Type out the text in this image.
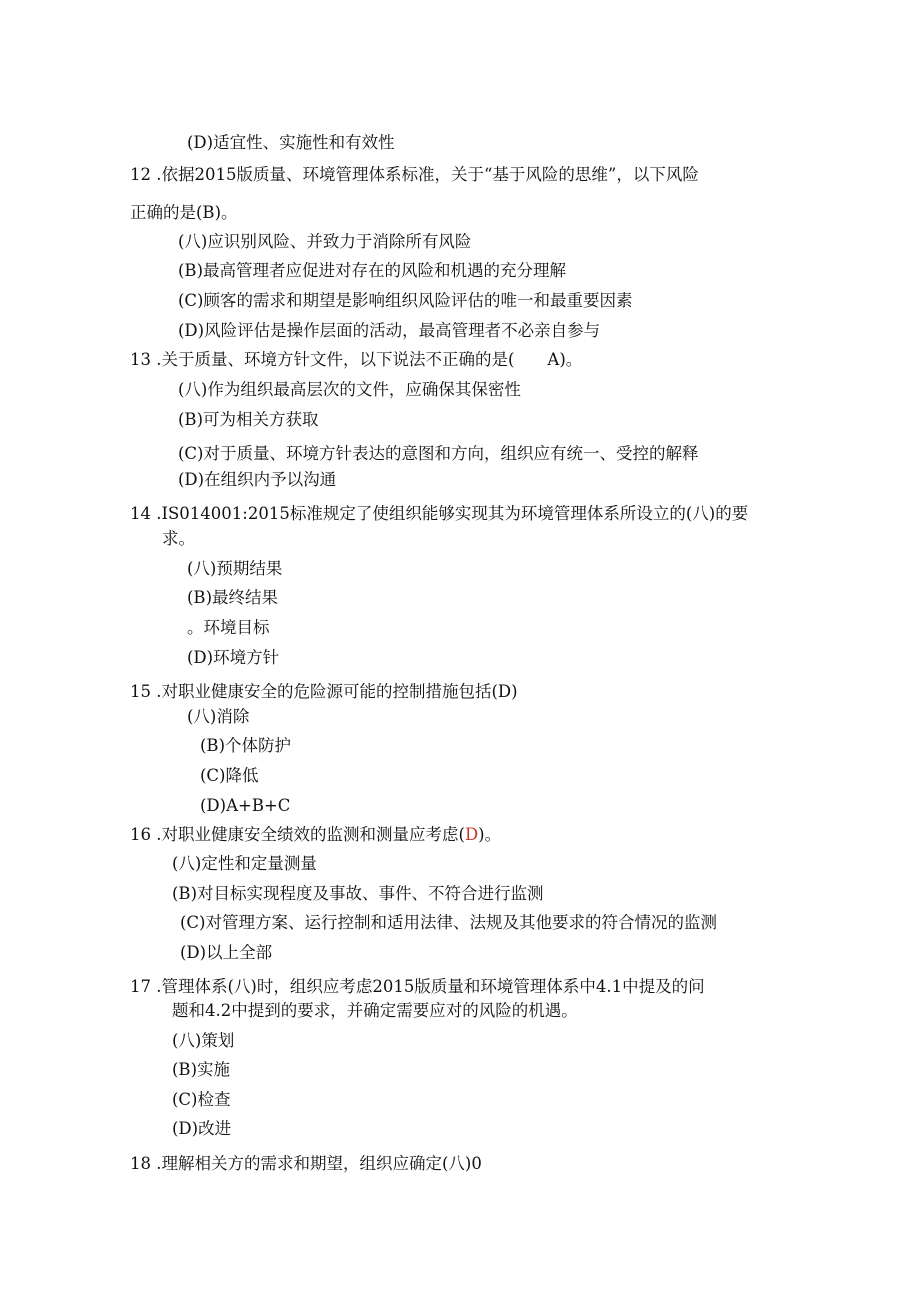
(D)适宜性、实施性和有效性
12 .依据2015版质量、环境管理体系标准，关于“基于风险的思维”，以下风险
正确的是(B)。
(八)应识别风险、并致力于消除所有风险
(B)最高管理者应促进对存在的风险和机遇的充分理解
(C)顾客的需求和期望是影响组织风险评估的唯一和最重要因素
(D)风险评估是操作层面的活动，最高管理者不必亲自参与
13 .关于质量、环境方针文件，以下说法不正确的是(　　A)。
(八)作为组织最高层次的文件，应确保其保密性
(B)可为相关方获取
(C)对于质量、环境方针表达的意图和方向，组织应有统一、受控的解释
(D)在组织内予以沟通
14 .IS014001:2015标准规定了使组织能够实现其为环境管理体系所设立的(八)的要
求。
(八)预期结果
(B)最终结果
。环境目标
(D)环境方针
15 .对职业健康安全的危险源可能的控制措施包括(D)
(八)消除
(B)个体防护
(C)降低
(D)A+B+C
16 .对职业健康安全绩效的监测和测量应考虑(D)。
(八)定性和定量测量
(B)对目标实现程度及事故、事件、不符合进行监测
(C)对管理方案、运行控制和适用法律、法规及其他要求的符合情况的监测
(D)以上全部
17 .管理体系(八)时，组织应考虑2015版质量和环境管理体系中4.1中提及的问
题和4.2中提到的要求，并确定需要应对的风险的机遇。
(八)策划
(B)实施
(C)检查
(D)改进
18 .理解相关方的需求和期望，组织应确定(八)0
